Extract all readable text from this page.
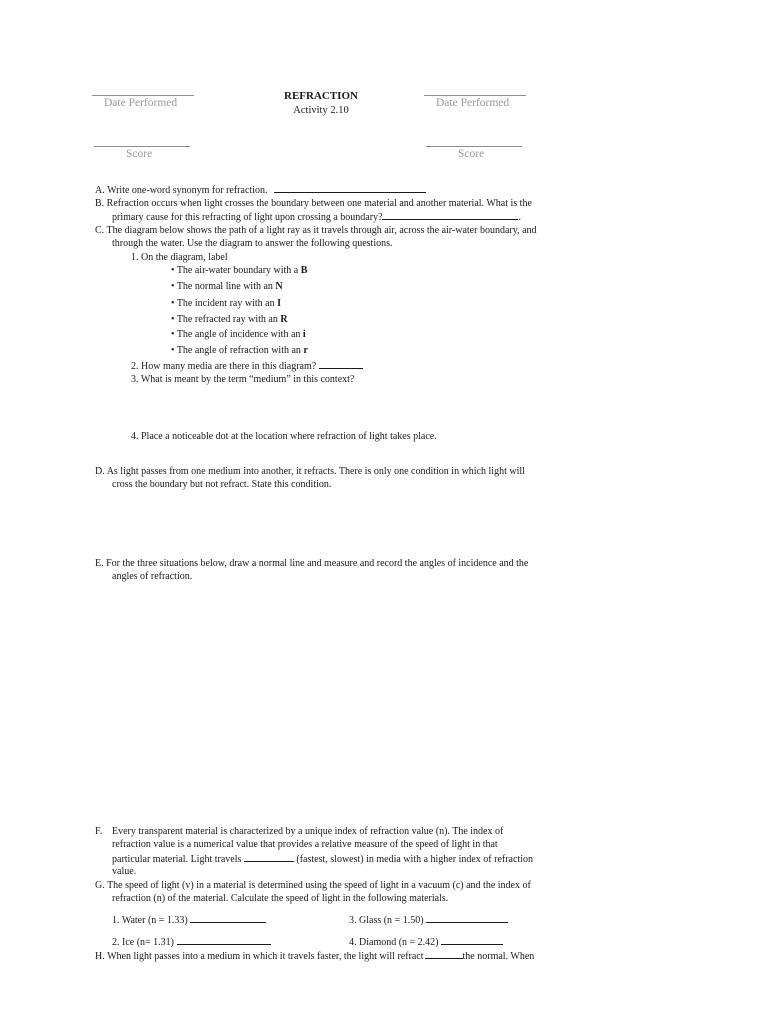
Date Performed	Date Performed
REFRACTION
Activity 2.10
Score	Score
A. Write one-word synonym for refraction.
B. Refraction occurs when light crosses the boundary between one material and another material. What is the
primary cause for this refracting of light upon crossing a boundary?	.
C. The diagram below shows the path of a light ray as it travels through air, across the air-water boundary, and
through the water. Use the diagram to answer the following questions.
1. On the diagram, label
• The air-water boundary with a B
• The normal line with an N
• The incident ray with an I
• The refracted ray with an R
• The angle of incidence with an i
• The angle of refraction with an r
2. How many media are there in this diagram?
3. What is meant by the term “medium” in this context?
4. Place a noticeable dot at the location where refraction of light takes place.
D. As light passes from one medium into another, it refracts. There is only one condition in which light will
cross the boundary but not refract. State this condition.
E. For the three situations below, draw a normal line and measure and record the angles of incidence and the
angles of refraction.
F. Every transparent material is characterized by a unique index of refraction value (n). The index of
refraction value is a numerical value that provides a relative measure of the speed of light in that
particular material. Light travels	(fastest, slowest) in media with a higher index of refraction
value.
G. The speed of light (v) in a material is determined using the speed of light in a vacuum (c) and the index of
refraction (n) of the material. Calculate the speed of light in the following materials.
1. Water (n = 1.33)	3. Glass (n = 1.50)
2. Ice (n= 1.31)	4. Diamond (n = 2.42)
H. When light passes into a medium in which it travels faster, the light will refract	the normal. When
